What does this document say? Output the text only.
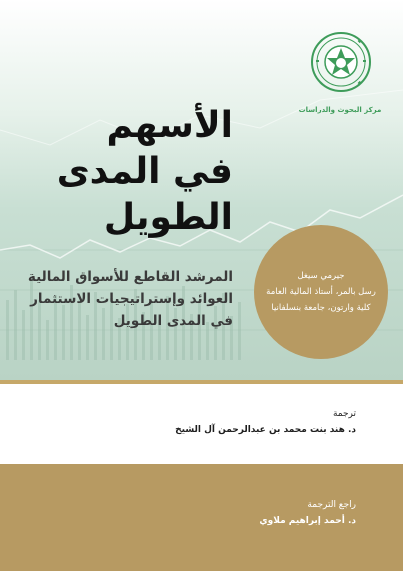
مركز البحوث والدراسات
الأسهم
في المدى
الطويل
المرشد القاطع للأسواق المالية
العوائد وإستراتيجيات الاستثمار
في المدى الطويل
جيرمي سيغل
رسل بالمر، أستاذ المالية العامة
كلية وارتون، جامعة بنسلفانيا
ترجمة
د. هند بنت محمد بن عبدالرحمن آل الشيخ
راجع الترجمة
د. أحمد إبراهيم ملاوي
